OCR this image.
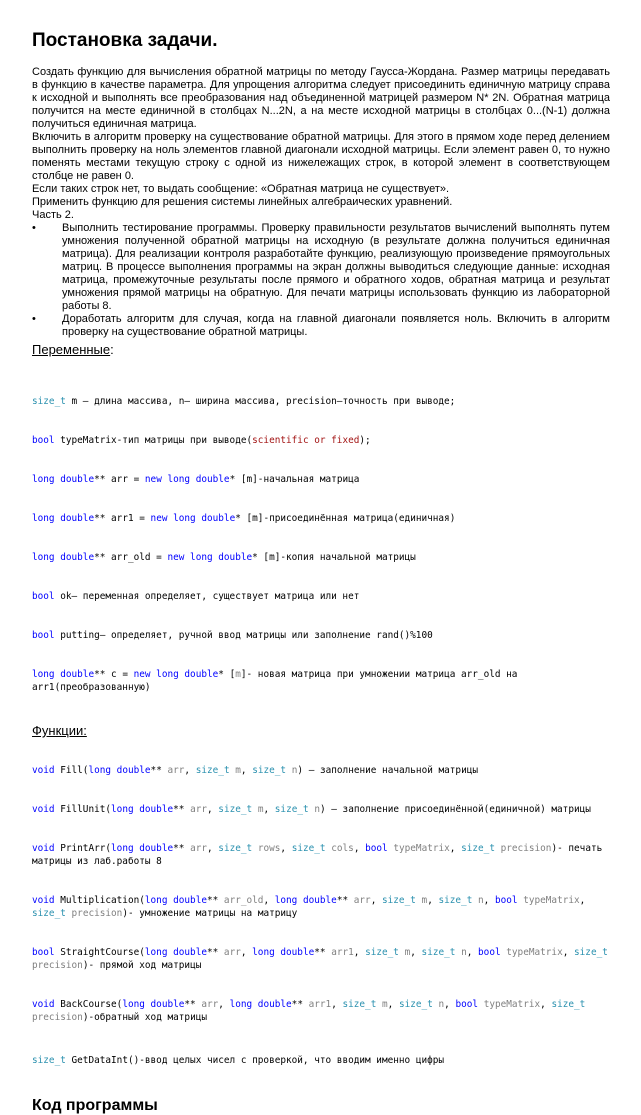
Постановка задачи.

Создать функцию для вычисления обратной матрицы по методу Гаусса-Жордана. Размер матрицы передавать в функцию в качестве параметра. Для упрощения алгоритма следует присоединить единичную матрицу справа к исходной и выполнять все преобразования над объединенной матрицей размером N* 2N. Обратная матрица получится на месте единичной в столбцах N...2N, а на месте исходной матрицы в столбцах 0...(N-1) должна получиться единичная матрица.

Включить в алгоритм проверку на существование обратной матрицы. Для этого в прямом ходе перед делением выполнить проверку на ноль элементов главной диагонали исходной матрицы. Если элемент равен 0, то нужно поменять местами текущую строку с одной из нижележащих строк, в которой элемент в соответствующем столбце не равен 0.

Если таких строк нет, то выдать сообщение: «Обратная матрица не существует».

Применить функцию для решения системы линейных алгебраических уравнений.

Часть 2.

•	Выполнить тестирование программы. Проверку правильности результатов вычислений выполнять путем умножения полученной обратной матрицы на исходную (в результате должна получиться единичная матрица). Для реализации контроля разработайте функцию, реализующую произведение прямоугольных матриц. В процессе выполнения программы на экран должны выводиться следующие данные: исходная матрица, промежуточные результаты после прямого и обратного ходов, обратная матрица и результат умножения прямой матрицы на обратную. Для печати матрицы использовать функцию из лабораторной работы 8.
•	Доработать алгоритм для случая, когда на главной диагонали появляется ноль. Включить в алгоритм проверку на существование обратной матрицы.

Переменные:

size_t m – длина массива, n– ширина массива, precision–точность при выводе;

bool typeMatrix-тип матрицы при выводе(scientific or fixed);

long double** arr = new long double* [m]-начальная матрица

long double** arr1 = new long double* [m]-присоединённая матрица(единичная)

long double** arr_old = new long double* [m]-копия начальной матрицы

bool ok– переменная определяет, существует матрица или нет

bool putting– определяет, ручной ввод матрицы или заполнение rand()%100

long double** c = new long double* [m]- новая матрица при умножении матрица arr_old на arr1(преобразованную)

Функции:

void Fill(long double** arr, size_t m, size_t n) – заполнение начальной матрицы

void FillUnit(long double** arr, size_t m, size_t n) – заполнение присоединённой(единичной) матрицы

void PrintArr(long double** arr, size_t rows, size_t cols, bool typeMatrix, size_t precision)- печать матрицы из лаб.работы 8

void Multiplication(long double** arr_old, long double** arr, size_t m, size_t n, bool typeMatrix, size_t precision)- умножение матрицы на матрицу

bool StraightCourse(long double** arr, long double** arr1, size_t m, size_t n, bool typeMatrix, size_t precision)- прямой ход матрицы

void BackCourse(long double** arr, long double** arr1, size_t m, size_t n, bool typeMatrix, size_t precision)-обратный ход матрицы

size_t GetDataInt()-ввод целых чисел с проверкой, что вводим именно цифры

Код программы
